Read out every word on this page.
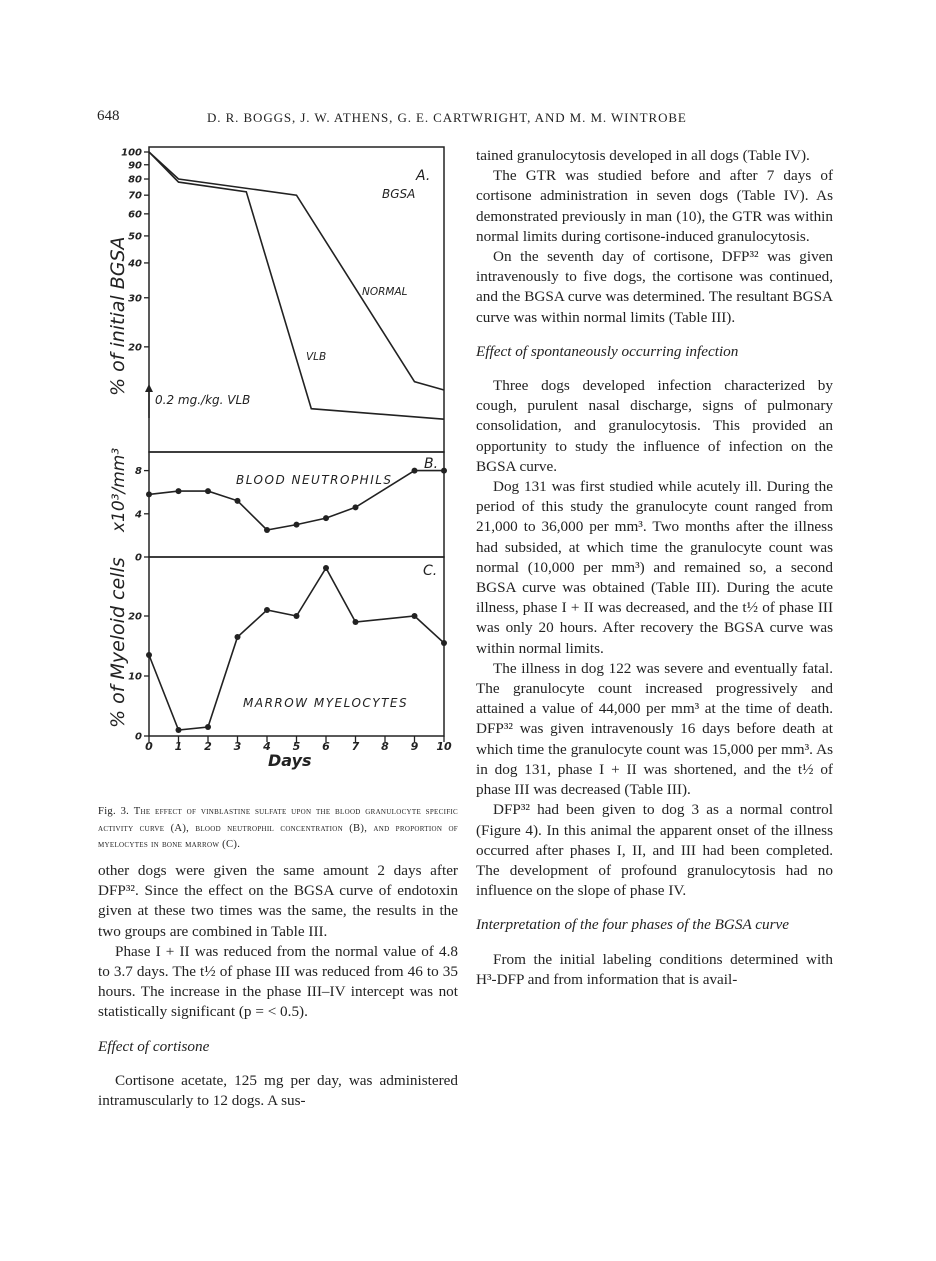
648	D. R. BOGGS, J. W. ATHENS, G. E. CARTWRIGHT, AND M. M. WINTROBE
100
90
80
70
60
50
40
30
20
8
4
0
20
10
0
0 1 2 3 4 5 6 7 8 9 10
A.
BGSA
NORMAL
VLB
0.2 mg./kg. VLB
B.
BLOOD NEUTROPHILS
C.
MARROW MYELOCYTES
% of initial BGSA
x10³/mm³
% of Myeloid cells
Days
Fig. 3. The effect of vinblastine sulfate upon the blood granulocyte specific activity curve (A), blood neutrophil concentration (B), and proportion of myelocytes in bone marrow (C).

other dogs were given the same amount 2 days after DFP³². Since the effect on the BGSA curve of endotoxin given at these two times was the same, the results in the two groups are combined in Table III.

Phase I + II was reduced from the normal value of 4.8 to 3.7 days. The t½ of phase III was reduced from 46 to 35 hours. The increase in the phase III–IV intercept was not statistically significant (p = < 0.5).

Effect of cortisone

Cortisone acetate, 125 mg per day, was administered intramuscularly to 12 dogs. A sus-

tained granulocytosis developed in all dogs (Table IV).

The GTR was studied before and after 7 days of cortisone administration in seven dogs (Table IV). As demonstrated previously in man (10), the GTR was within normal limits during cortisone-induced granulocytosis.

On the seventh day of cortisone, DFP³² was given intravenously to five dogs, the cortisone was continued, and the BGSA curve was determined. The resultant BGSA curve was within normal limits (Table III).

Effect of spontaneously occurring infection

Three dogs developed infection characterized by cough, purulent nasal discharge, signs of pulmonary consolidation, and granulocytosis. This provided an opportunity to study the influence of infection on the BGSA curve.

Dog 131 was first studied while acutely ill. During the period of this study the granulocyte count ranged from 21,000 to 36,000 per mm³. Two months after the illness had subsided, at which time the granulocyte count was normal (10,000 per mm³) and remained so, a second BGSA curve was obtained (Table III). During the acute illness, phase I + II was decreased, and the t½ of phase III was only 20 hours. After recovery the BGSA curve was within normal limits.

The illness in dog 122 was severe and eventually fatal. The granulocyte count increased progressively and attained a value of 44,000 per mm³ at the time of death. DFP³² was given intravenously 16 days before death at which time the granulocyte count was 15,000 per mm³. As in dog 131, phase I + II was shortened, and the t½ of phase III was decreased (Table III).

DFP³² had been given to dog 3 as a normal control (Figure 4). In this animal the apparent onset of the illness occurred after phases I, II, and III had been completed. The development of profound granulocytosis had no influence on the slope of phase IV.

Interpretation of the four phases of the BGSA curve

From the initial labeling conditions determined with H³-DFP and from information that is avail-
